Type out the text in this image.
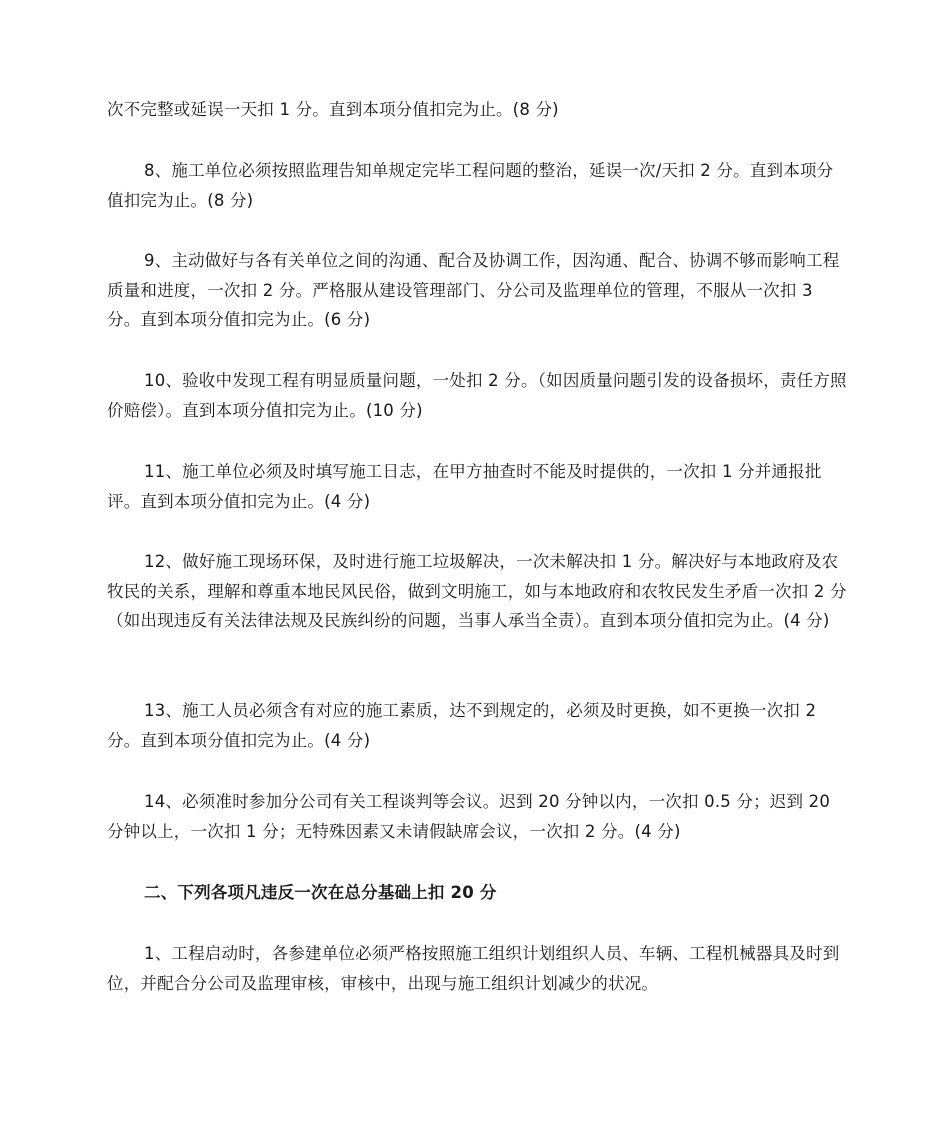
次不完整或延误一天扣 1 分。直到本项分值扣完为止。(8 分)

8、施工单位必须按照监理告知单规定完毕工程问题的整治，延误一次/天扣 2 分。直到本项分值扣完为止。(8 分)

9、主动做好与各有关单位之间的沟通、配合及协调工作，因沟通、配合、协调不够而影响工程质量和进度，一次扣 2 分。严格服从建设管理部门、分公司及监理单位的管理，不服从一次扣 3 分。直到本项分值扣完为止。(6 分)

10、验收中发现工程有明显质量问题，一处扣 2 分。（如因质量问题引发的设备损坏，责任方照价赔偿）。直到本项分值扣完为止。(10 分)

11、施工单位必须及时填写施工日志，在甲方抽查时不能及时提供的，一次扣 1 分并通报批评。直到本项分值扣完为止。(4 分)

12、做好施工现场环保，及时进行施工垃圾解决，一次未解决扣 1 分。解决好与本地政府及农牧民的关系，理解和尊重本地民风民俗，做到文明施工，如与本地政府和农牧民发生矛盾一次扣 2 分（如出现违反有关法律法规及民族纠纷的问题，当事人承当全责）。直到本项分值扣完为止。(4 分)

13、施工人员必须含有对应的施工素质，达不到规定的，必须及时更换，如不更换一次扣 2 分。直到本项分值扣完为止。(4 分)

14、必须准时参加分公司有关工程谈判等会议。迟到 20 分钟以内，一次扣 0.5 分；迟到 20 分钟以上，一次扣 1 分；无特殊因素又未请假缺席会议，一次扣 2 分。(4 分)

二、下列各项凡违反一次在总分基础上扣 20 分

1、工程启动时，各参建单位必须严格按照施工组织计划组织人员、车辆、工程机械器具及时到位，并配合分公司及监理审核，审核中，出现与施工组织计划减少的状况。
